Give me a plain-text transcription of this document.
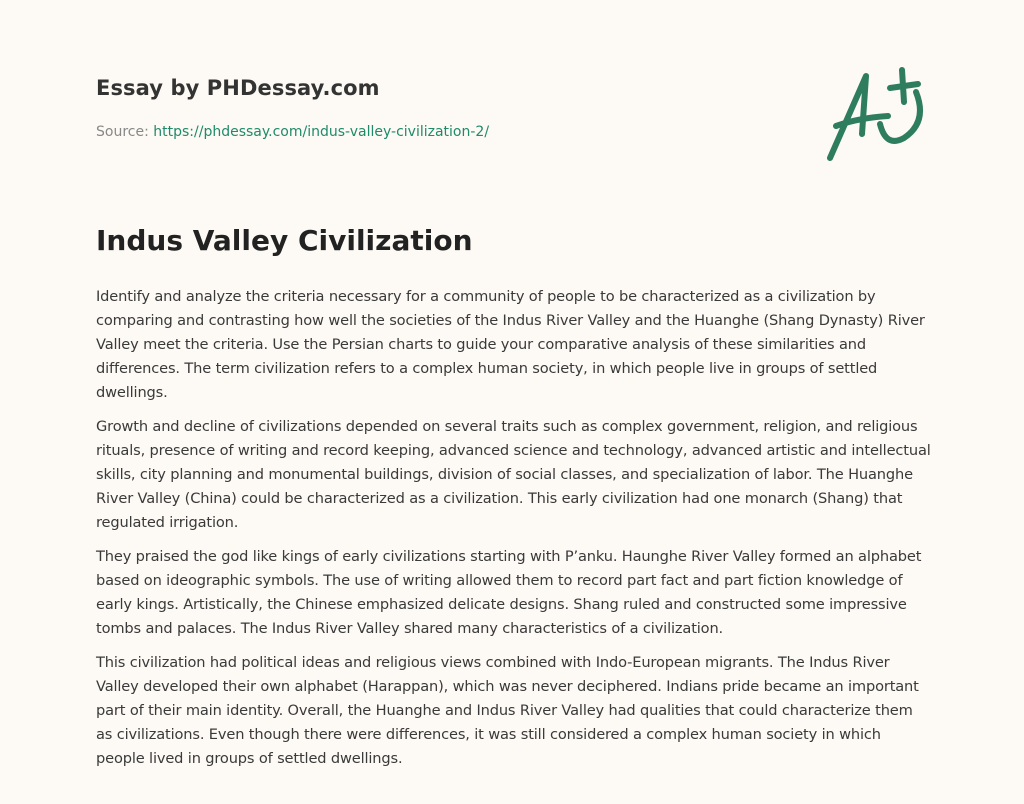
Essay by PHDessay.com
Source: https://phdessay.com/indus-valley-civilization-2/
Indus Valley Civilization

Identify and analyze the criteria necessary for a community of people to be characterized as a civilization by comparing and contrasting how well the societies of the Indus River Valley and the Huanghe (Shang Dynasty) River Valley meet the criteria. Use the Persian charts to guide your comparative analysis of these similarities and differences. The term civilization refers to a complex human society, in which people live in groups of settled dwellings.

Growth and decline of civilizations depended on several traits such as complex government, religion, and religious rituals, presence of writing and record keeping, advanced science and technology, advanced artistic and intellectual skills, city planning and monumental buildings, division of social classes, and specialization of labor. The Huanghe River Valley (China) could be characterized as a civilization. This early civilization had one monarch (Shang) that regulated irrigation.

They praised the god like kings of early civilizations starting with P’anku. Haunghe River Valley formed an alphabet based on ideographic symbols. The use of writing allowed them to record part fact and part fiction knowledge of early kings. Artistically, the Chinese emphasized delicate designs. Shang ruled and constructed some impressive tombs and palaces. The Indus River Valley shared many characteristics of a civilization.

This civilization had political ideas and religious views combined with Indo-European migrants. The Indus River Valley developed their own alphabet (Harappan), which was never deciphered. Indians pride became an important part of their main identity. Overall, the Huanghe and Indus River Valley had qualities that could characterize them as civilizations. Even though there were differences, it was still considered a complex human society in which people lived in groups of settled dwellings.
